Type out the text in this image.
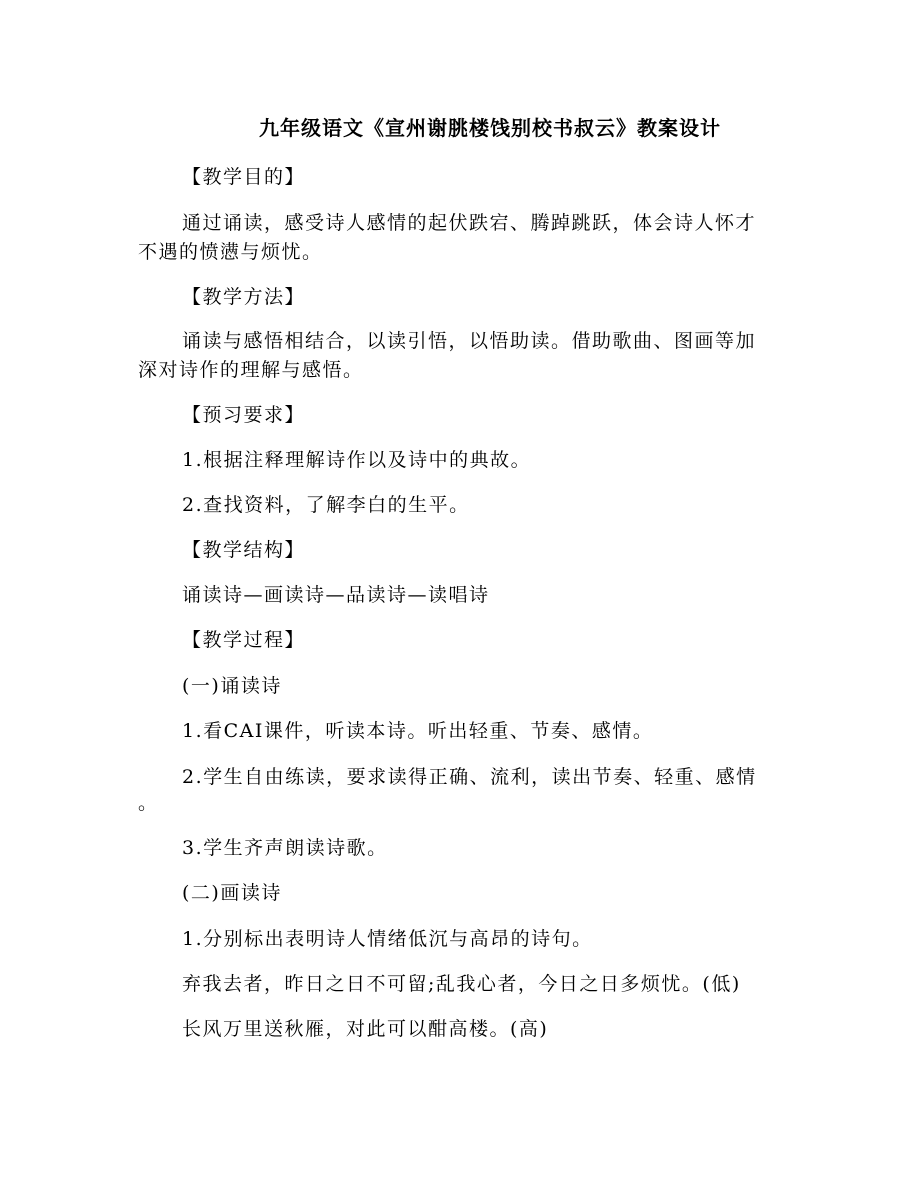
九年级语文《宣州谢朓楼饯别校书叔云》教案设计
【教学目的】
通过诵读，感受诗人感情的起伏跌宕、腾踔跳跃，体会诗人怀才
不遇的愤懑与烦忧。
【教学方法】
诵读与感悟相结合，以读引悟，以悟助读。借助歌曲、图画等加
深对诗作的理解与感悟。
【预习要求】
1.根据注释理解诗作以及诗中的典故。
2.查找资料，了解李白的生平。
【教学结构】
诵读诗—画读诗—品读诗—读唱诗
【教学过程】
(一)诵读诗
1.看CAI课件，听读本诗。听出轻重、节奏、感情。
2.学生自由练读，要求读得正确、流利，读出节奏、轻重、感情
。
3.学生齐声朗读诗歌。
(二)画读诗
1.分别标出表明诗人情绪低沉与高昂的诗句。
弃我去者，昨日之日不可留;乱我心者，今日之日多烦忧。(低)
长风万里送秋雁，对此可以酣高楼。(高)
